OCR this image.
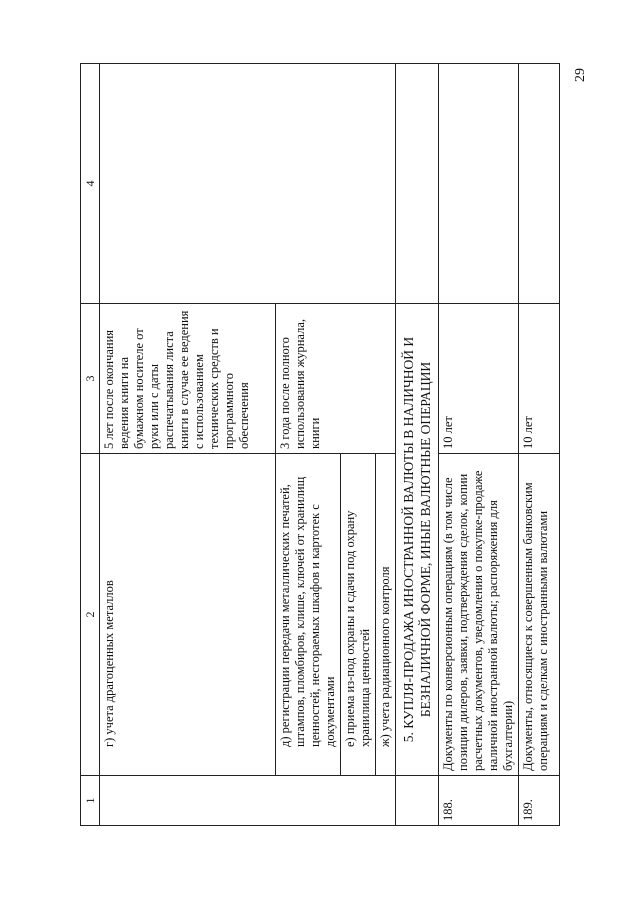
29
1	2	3	4
	г) учета драгоценных металлов	5 лет после окончания ведения книги на бумажном носителе от руки или с даты распечатывания листа книги в случае ее ведения с использованием технических средств и программного обеспечения	
	д) регистрации передачи металлических печатей, штампов, пломбиров, клише, ключей от хранилищ ценностей, несгораемых шкафов и картотек с документами	3 года после полного использования журнала, книги	
	е) приема из-под охраны и сдачи под охрану хранилища ценностей		
	ж) учета радиационного контроля		
	5. КУПЛЯ-ПРОДАЖА ИНОСТРАННОЙ ВАЛЮТЫ В НАЛИЧНОЙ И БЕЗНАЛИЧНОЙ ФОРМЕ, ИНЫЕ ВАЛЮТНЫЕ ОПЕРАЦИИ		
188.	Документы по конверсионным операциям (в том числе позиции дилеров, заявки, подтверждения сделок, копии расчетных документов, уведомления о покупке-продаже наличной иностранной валюты; распоряжения для бухгалтерии)	10 лет	
189.	Документы, относящиеся к совершенным банковским операциям и сделкам с иностранными валютами	10 лет	
